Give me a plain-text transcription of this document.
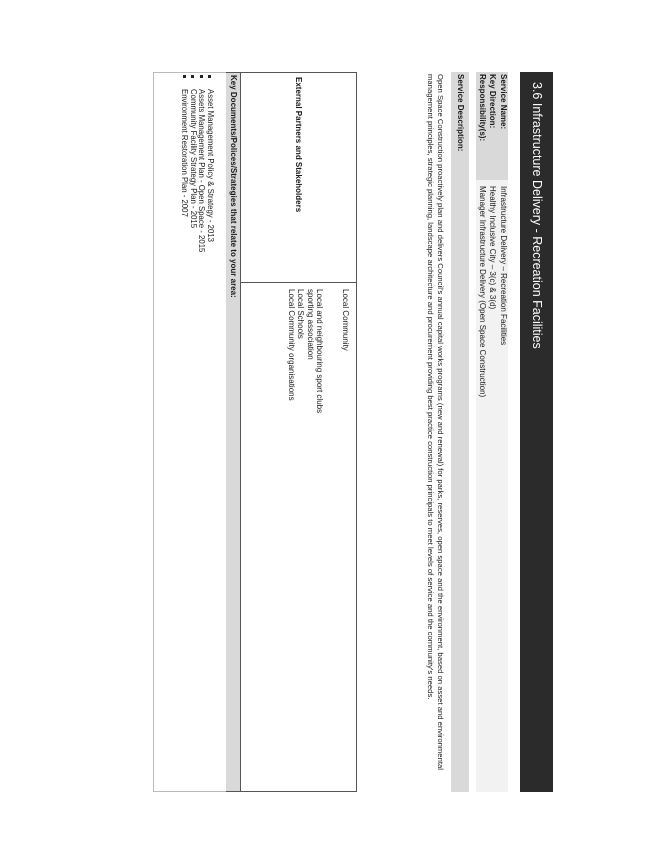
3.6 Infrastructure Delivery - Recreation Facilities
Service Name:
Infrastructure Delivery – Recreation Facilities
Key Direction:
Healthy Inclusive City – 3(c) & 3(d)
Responsibility(s):
Manager Infrastructure Delivery (Open Space Construction)
Service Description:
Open Space Construction proactively plan and delivers Council’s annual capital works programs (new and renewal) for parks, reserves, open space and the environment, based on asset and environmental management principles, strategic planning, landscape architecture and procurement providing best practice construction principals to meet levels of service and the community’s needs.
External Partners and Stakeholders
Local Community
Local and neighbouring sport clubs
sporting association
Local Schools
Local Community organisations
Key Documents/Polices/Strategies that relate to your area:
Asset Management Policy & Strategy - 2013
Assets Management Plan - Open Space - 2015
Community Facility Strategy Plan - 2015
Environment Restoration Plan - 2007
